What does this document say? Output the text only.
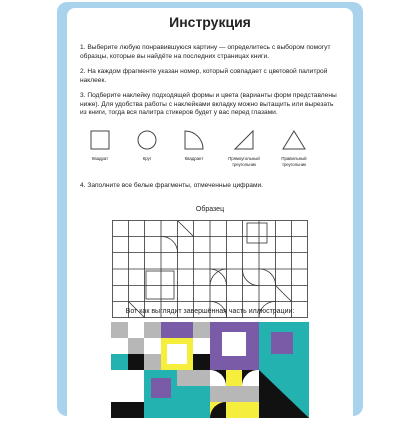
Инструкция
1. Выберите любую понравившуюся картину — определитесь с выбором помогут образцы, которые вы найдёте на последних страницах книги.
2. На каждом фрагменте указан номер, который совпадает с цветовой палитрой наклеек.
3. Подберите наклейку подходящей формы и цвета (варианты форм представлены ниже). Для удобства работы с наклейками вкладку можно вытащить или вырезать из книги, тогда вся палитра стикеров будет у вас перед глазами.
Квадрат	Круг	Квадрант	Прямоугольный треугольник
Правильный треугольник
4. Заполните все белые фрагменты, отмеченные цифрами.
Образец
Вот как выглядит завершённая часть иллюстрации:
